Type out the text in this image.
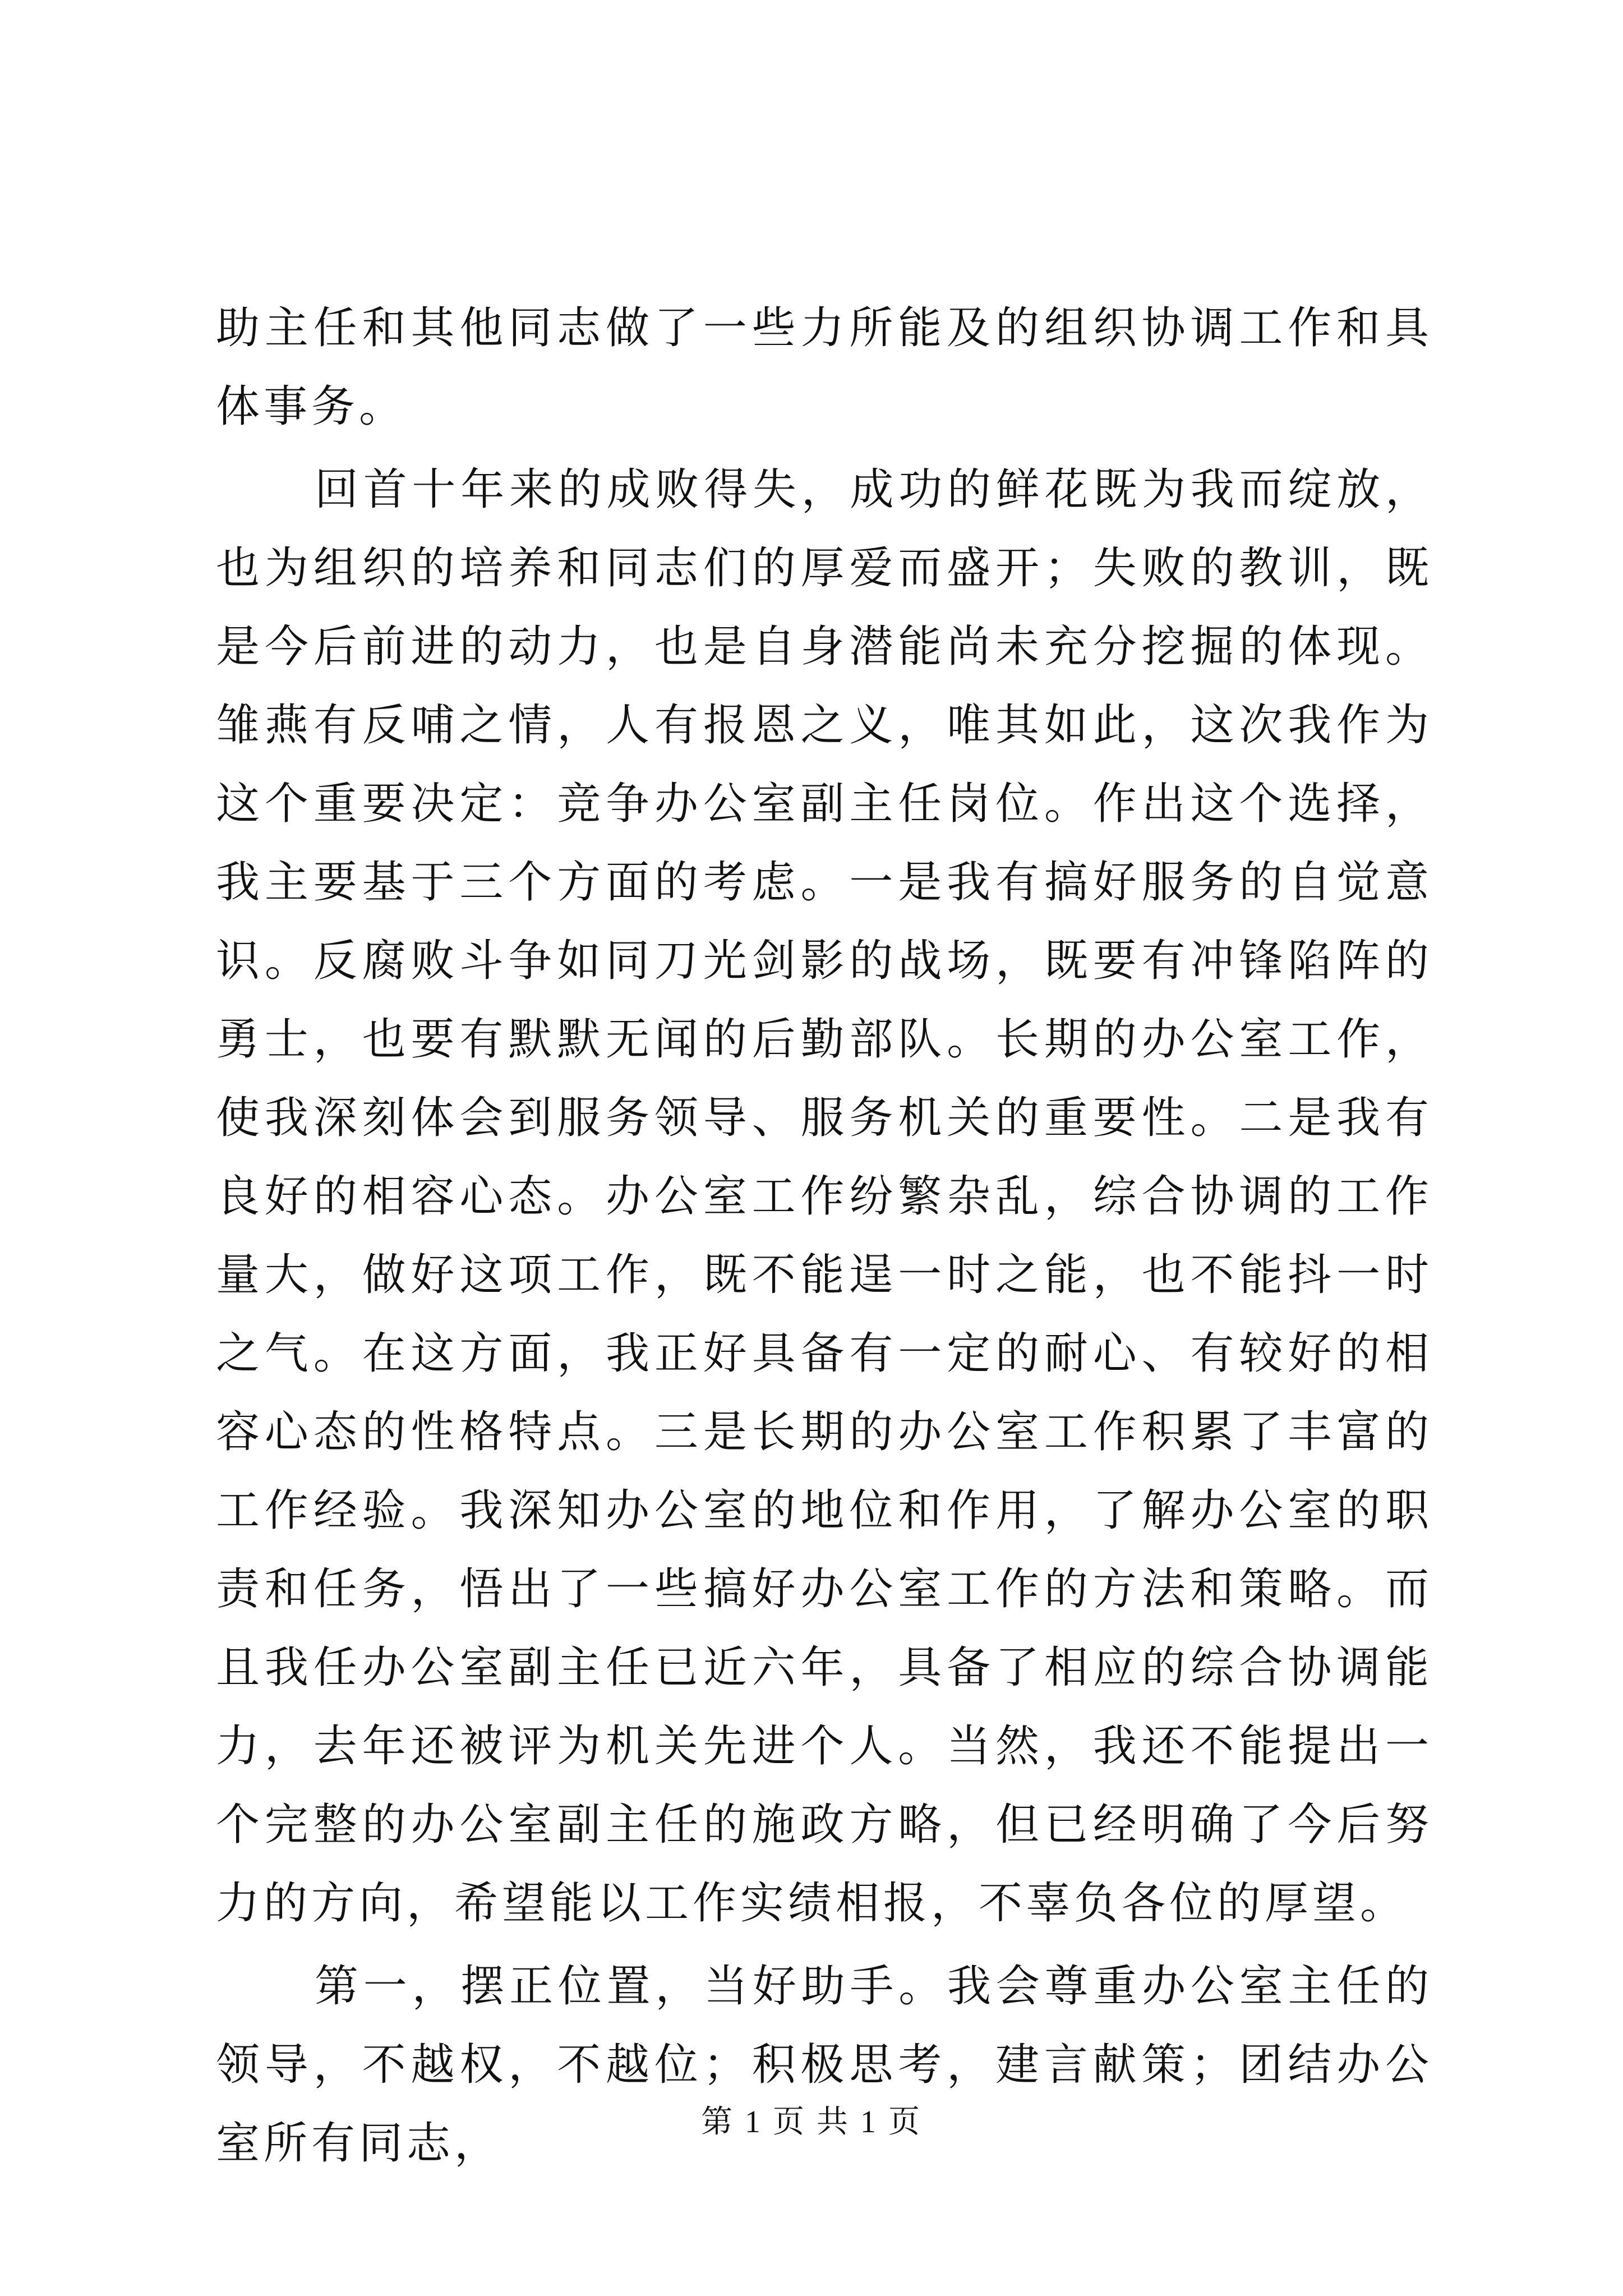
助主任和其他同志做了一些力所能及的组织协调工作和具体事务。

回首十年来的成败得失，成功的鲜花既为我而绽放，也为组织的培养和同志们的厚爱而盛开；失败的教训，既是今后前进的动力，也是自身潜能尚未充分挖掘的体现。雏燕有反哺之情，人有报恩之义，唯其如此，这次我作为这个重要决定：竞争办公室副主任岗位。作出这个选择，我主要基于三个方面的考虑。一是我有搞好服务的自觉意识。反腐败斗争如同刀光剑影的战场，既要有冲锋陷阵的勇士，也要有默默无闻的后勤部队。长期的办公室工作，使我深刻体会到服务领导、服务机关的重要性。二是我有良好的相容心态。办公室工作纷繁杂乱，综合协调的工作量大，做好这项工作，既不能逞一时之能，也不能抖一时之气。在这方面，我正好具备有一定的耐心、有较好的相容心态的性格特点。三是长期的办公室工作积累了丰富的工作经验。我深知办公室的地位和作用，了解办公室的职责和任务，悟出了一些搞好办公室工作的方法和策略。而且我任办公室副主任已近六年，具备了相应的综合协调能力，去年还被评为机关先进个人。当然，我还不能提出一个完整的办公室副主任的施政方略，但已经明确了今后努力的方向，希望能以工作实绩相报，不辜负各位的厚望。

第一，摆正位置，当好助手。我会尊重办公室主任的领导，不越权，不越位；积极思考，建言献策；团结办公室所有同志，	第 1 页 共 1 页
